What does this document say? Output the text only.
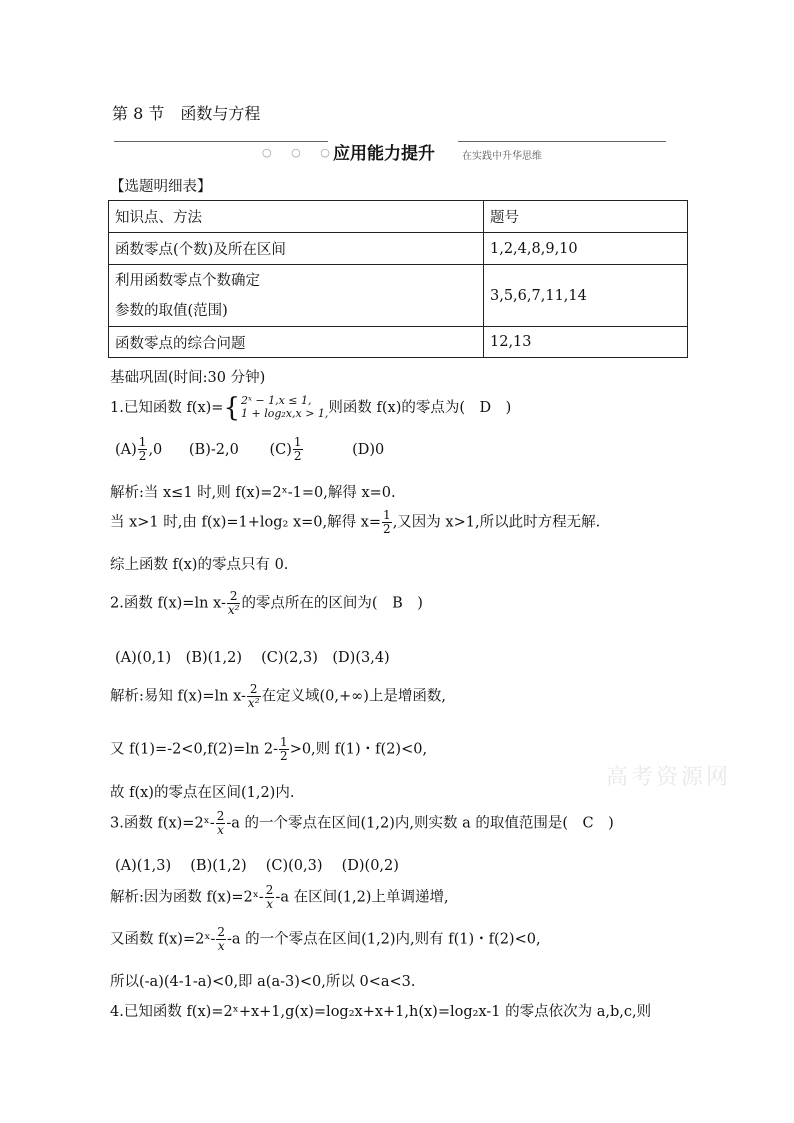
第 8 节　函数与方程
○ ○ ○
应用能力提升	在实践中升华思维
【选题明细表】
知识点、方法	题号
函数零点(个数)及所在区间	1,2,4,8,9,10

利用函数零点个数确定
参数的取值(范围)	3,5,6,7,11,14
函数零点的综合问题	12,13
基础巩固(时间:30 分钟)
1.已知函数 f(x)={ 2ˣ − 1,x ≤ 1,
1 + log₂x,x > 1, 则函数 f(x)的零点为(　D　)
$(A) \frac{1}{2} ,0$ (B)-2,0 $(C) \frac{1}{2}$	(D)0
解析:当 x≤1 时,则 f(x)=2ˣ-1=0,解得 x=0.
当 x>1 时,由 f(x)=1+log₂ x=0,解得 $x= \frac{1}{2}$ ,又因为 x>1,所以此时方程无解.
综上函数 f(x)的零点只有 0.
2.函数 f(x)=ln $x- \frac{2}{\text{x²}}$ 的零点所在的区间为(　B　)
(A)(0,1)　(B)(1,2)　 (C)(2,3)　(D)(3,4)
解析:易知 f(x)=ln $x- \frac{2}{\text{x²}}$ 在定义域(0,+∞)上是增函数,
又 f(1)=-2<0,f(2)=ln $2- \frac{1}{2} >0$,则 f(1)・f(2)<0,
故 f(x)的零点在区间(1,2)内.
3.函数 f(x)=2ˣ- $\frac{2}{x} -a$ 的一个零点在区间(1,2)内,则实数 a 的取值范围是(　C　)
(A)(1,3)　 (B)(1,2)　 (C)(0,3)　 (D)(0,2)
解析:因为函数 f(x)=2ˣ- $\frac{2}{x} -a$ 在区间(1,2)上单调递增,
又函数 f(x)=2ˣ- $\frac{2}{x} -a$ 的一个零点在区间(1,2)内,则有 f(1)・f(2)<0,
所以(-a)(4-1-a)<0,即 a(a-3)<0,所以 0<a<3.
4.已知函数 f(x)=2ˣ+x+1,g(x)=log₂x+x+1,h(x)=log₂x-1 的零点依次为 a,b,c,则
高考资源网
